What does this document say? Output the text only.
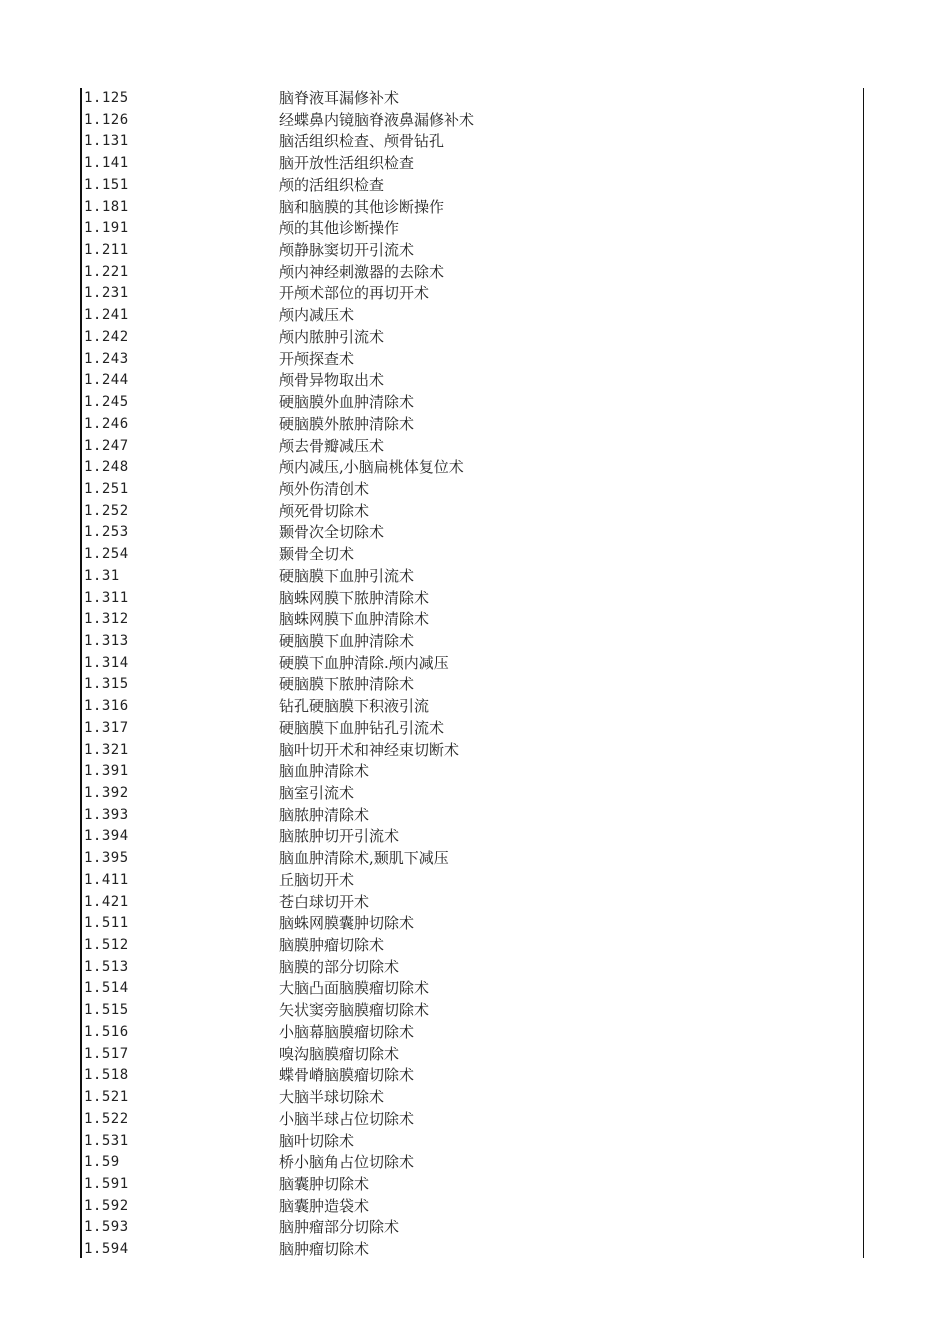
1.125	脑脊液耳漏修补术
1.126	经蝶鼻内镜脑脊液鼻漏修补术
1.131	脑活组织检查、颅骨钻孔
1.141	脑开放性活组织检查
1.151	颅的活组织检查
1.181	脑和脑膜的其他诊断操作
1.191	颅的其他诊断操作
1.211	颅静脉窦切开引流术
1.221	颅内神经刺激器的去除术
1.231	开颅术部位的再切开术
1.241	颅内减压术
1.242	颅内脓肿引流术
1.243	开颅探查术
1.244	颅骨异物取出术
1.245	硬脑膜外血肿清除术
1.246	硬脑膜外脓肿清除术
1.247	颅去骨瓣减压术
1.248	颅内减压,小脑扁桃体复位术
1.251	颅外伤清创术
1.252	颅死骨切除术
1.253	颞骨次全切除术
1.254	颞骨全切术
1.31	硬脑膜下血肿引流术
1.311	脑蛛网膜下脓肿清除术
1.312	脑蛛网膜下血肿清除术
1.313	硬脑膜下血肿清除术
1.314	硬膜下血肿清除.颅内减压
1.315	硬脑膜下脓肿清除术
1.316	钻孔硬脑膜下积液引流
1.317	硬脑膜下血肿钻孔引流术
1.321	脑叶切开术和神经束切断术
1.391	脑血肿清除术
1.392	脑室引流术
1.393	脑脓肿清除术
1.394	脑脓肿切开引流术
1.395	脑血肿清除术,颞肌下减压
1.411	丘脑切开术
1.421	苍白球切开术
1.511	脑蛛网膜囊肿切除术
1.512	脑膜肿瘤切除术
1.513	脑膜的部分切除术
1.514	大脑凸面脑膜瘤切除术
1.515	矢状窦旁脑膜瘤切除术
1.516	小脑幕脑膜瘤切除术
1.517	嗅沟脑膜瘤切除术
1.518	蝶骨嵴脑膜瘤切除术
1.521	大脑半球切除术
1.522	小脑半球占位切除术
1.531	脑叶切除术
1.59	桥小脑角占位切除术
1.591	脑囊肿切除术
1.592	脑囊肿造袋术
1.593	脑肿瘤部分切除术
1.594	脑肿瘤切除术
